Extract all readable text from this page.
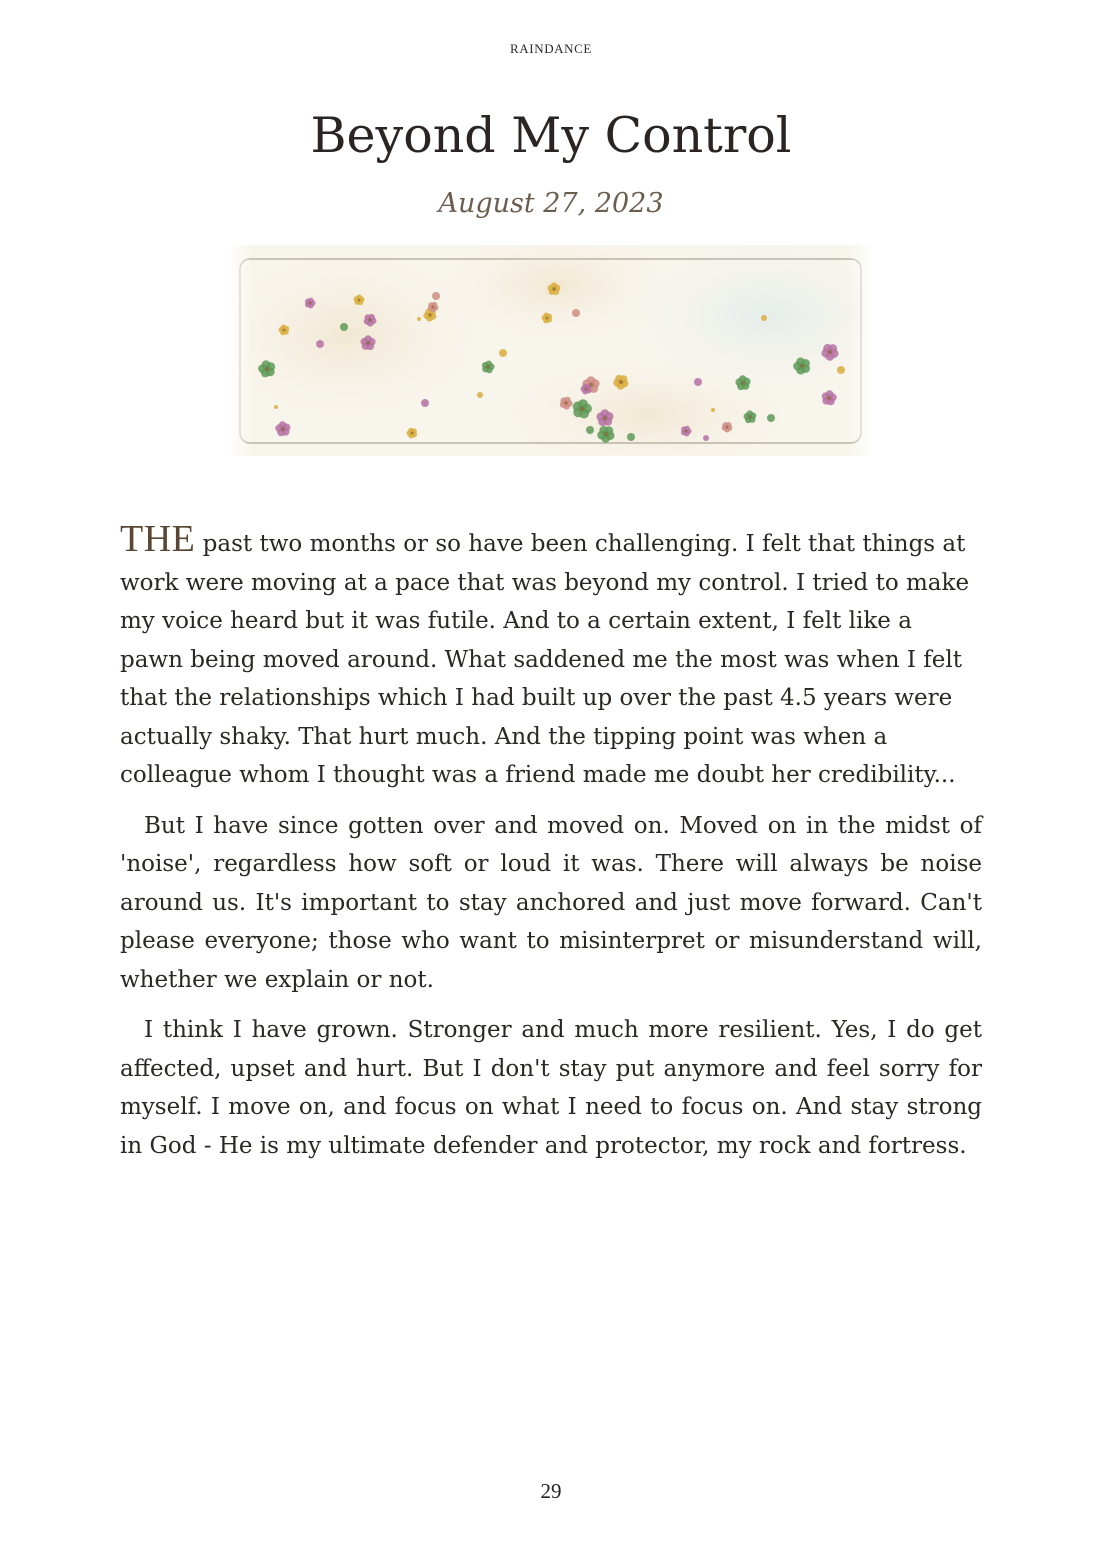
RAINDANCE
Beyond My Control
August 27, 2023

THE past two months or so have been challenging. I felt that things at work were moving at a pace that was beyond my control. I tried to make my voice heard but it was futile. And to a certain extent, I felt like a pawn being moved around. What saddened me the most was when I felt that the relationships which I had built up over the past 4.5 years were actually shaky. That hurt much. And the tipping point was when a colleague whom I thought was a friend made me doubt her credibility...

But I have since gotten over and moved on. Moved on in the midst of 'noise', regardless how soft or loud it was. There will always be noise around us. It's important to stay anchored and just move forward. Can't please everyone; those who want to misinterpret or misunderstand will, whether we explain or not.

I think I have grown. Stronger and much more resilient. Yes, I do get affected, upset and hurt. But I don't stay put anymore and feel sorry for myself. I move on, and focus on what I need to focus on. And stay strong in God - He is my ultimate defender and protector, my rock and fortress.

29
